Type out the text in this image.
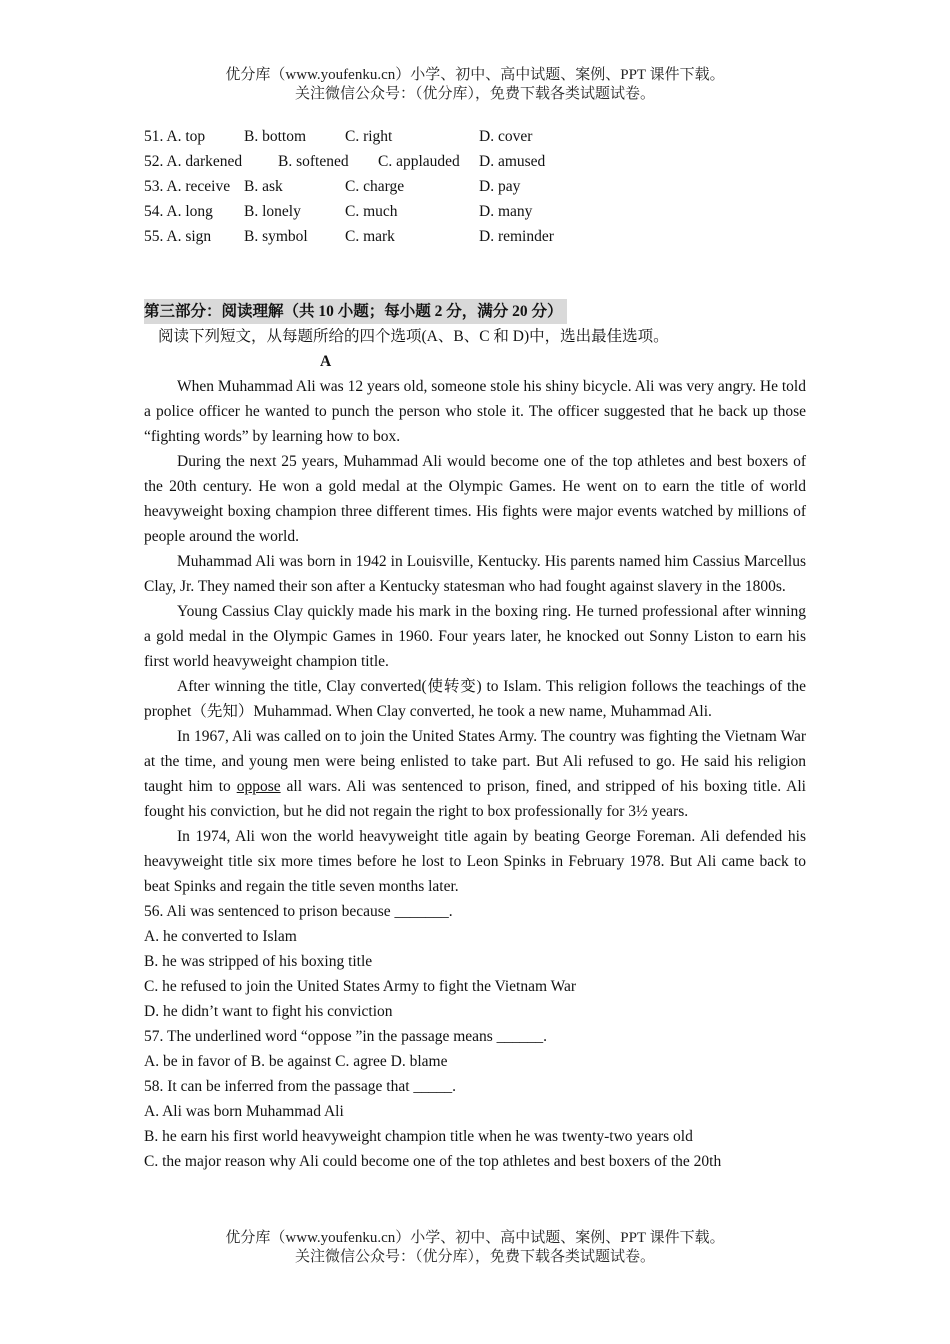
优分库（www.youfenku.cn）小学、初中、高中试题、案例、PPT 课件下载。
关注微信公众号：（优分库），免费下载各类试题试卷。
51. A. top	B. bottom	C. right	D. cover
52. A. darkened	B. softened	C. applauded	D. amused
53. A. receive B. ask	C. charge	D. pay
54. A. long	B. lonely	C. much	D. many
55. A. sign	B. symbol	C. mark	D. reminder
第三部分：阅读理解（共 10 小题；每小题 2 分，满分 20 分）
阅读下列短文，从每题所给的四个选项(A、B、C 和 D)中，选出最佳选项。
A

When Muhammad Ali was 12 years old, someone stole his shiny bicycle. Ali was very angry. He told a police officer he wanted to punch the person who stole it. The officer suggested that he back up those “fighting words” by learning how to box.

During the next 25 years, Muhammad Ali would become one of the top athletes and best boxers of the 20th century. He won a gold medal at the Olympic Games. He went on to earn the title of world heavyweight boxing champion three different times. His fights were major events watched by millions of people around the world.

Muhammad Ali was born in 1942 in Louisville, Kentucky. His parents named him Cassius Marcellus Clay, Jr. They named their son after a Kentucky statesman who had fought against slavery in the 1800s.

Young Cassius Clay quickly made his mark in the boxing ring. He turned professional after winning a gold medal in the Olympic Games in 1960. Four years later, he knocked out Sonny Liston to earn his first world heavyweight champion title.

After winning the title, Clay converted(使转变) to Islam. This religion follows the teachings of the prophet（先知）Muhammad. When Clay converted, he took a new name, Muhammad Ali.

In 1967, Ali was called on to join the United States Army. The country was fighting the Vietnam War at the time, and young men were being enlisted to take part. But Ali refused to go. He said his religion taught him to oppose all wars. Ali was sentenced to prison, fined, and stripped of his boxing title. Ali fought his conviction, but he did not regain the right to box professionally for 3½ years.

In 1974, Ali won the world heavyweight title again by beating George Foreman. Ali defended his heavyweight title six more times before he lost to Leon Spinks in February 1978. But Ali came back to beat Spinks and regain the title seven months later.

56. Ali was sentenced to prison because _______.

A. he converted to Islam

B. he was stripped of his boxing title

C. he refused to join the United States Army to fight the Vietnam War

D. he didn’t want to fight his conviction

57. The underlined word “oppose ”in the passage means ______.

A. be in favor of B. be against C. agree D. blame

58. It can be inferred from the passage that _____.

A. Ali was born Muhammad Ali

B. he earn his first world heavyweight champion title when he was twenty-two years old

C. the major reason why Ali could become one of the top athletes and best boxers of the 20th

优分库（www.youfenku.cn）小学、初中、高中试题、案例、PPT 课件下载。
关注微信公众号：（优分库），免费下载各类试题试卷。
